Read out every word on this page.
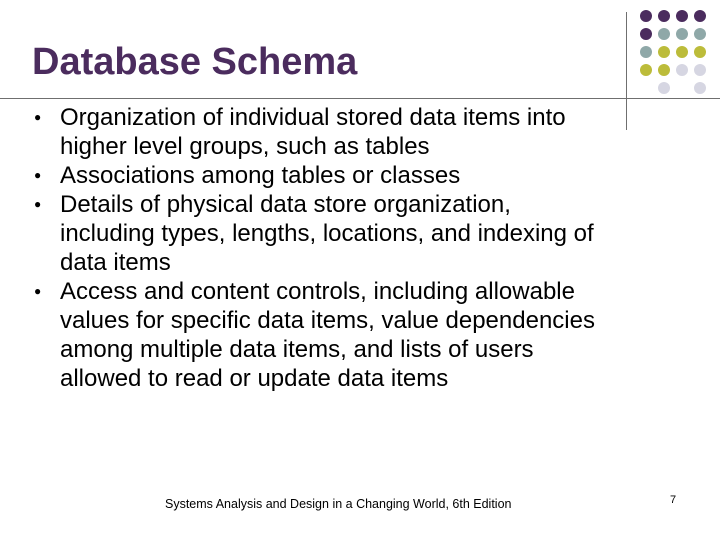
Database Schema
● Organization of individual stored data items into
higher level groups, such as tables
● Associations among tables or classes
● Details of physical data store organization,
including types, lengths, locations, and indexing of
data items
● Access and content controls, including allowable
values for specific data items, value dependencies
among multiple data items, and lists of users
allowed to read or update data items
Systems Analysis and Design in a Changing World, 6th Edition	7
